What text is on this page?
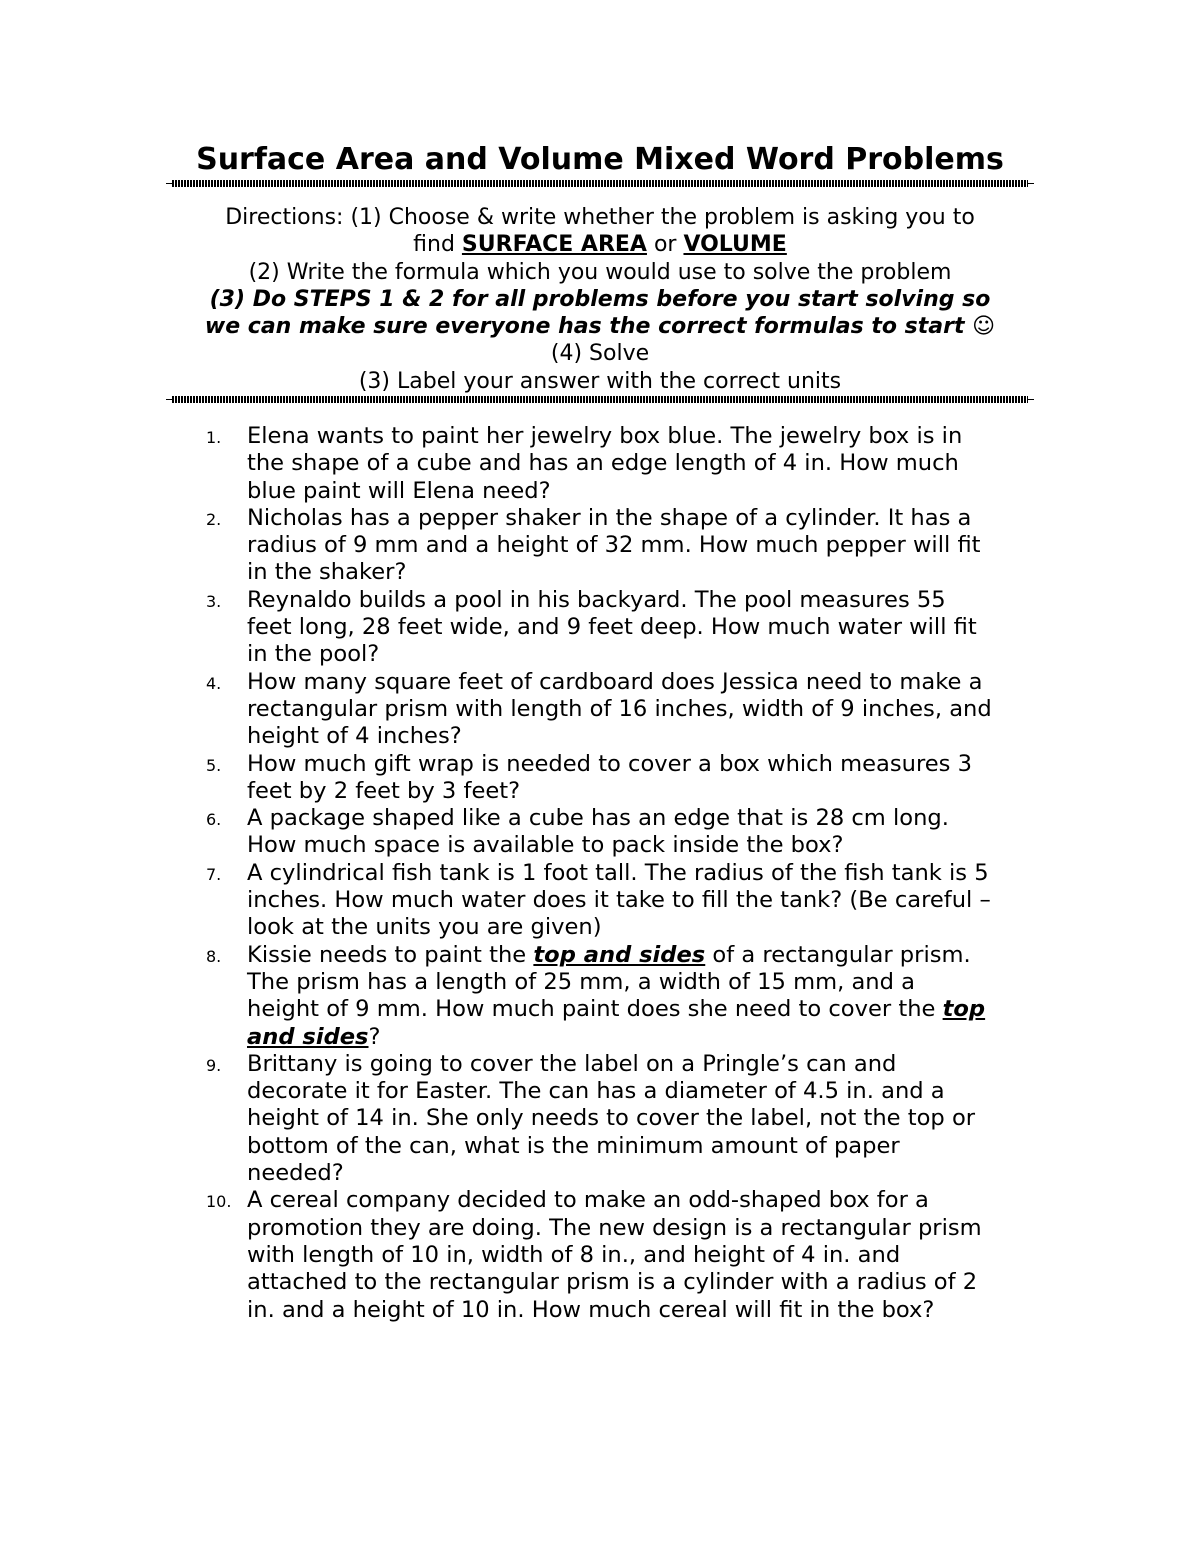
Surface Area and Volume Mixed Word Problems
Directions: (1) Choose & write whether the problem is asking you to
find SURFACE AREA or VOLUME
(2) Write the formula which you would use to solve the problem
(3) Do STEPS 1 & 2 for all problems before you start solving so
we can make sure everyone has the correct formulas to start ☺
(4) Solve
(3) Label your answer with the correct units
1. Elena wants to paint her jewelry box blue. The jewelry box is in
the shape of a cube and has an edge length of 4 in. How much
blue paint will Elena need?
2. Nicholas has a pepper shaker in the shape of a cylinder. It has a
radius of 9 mm and a height of 32 mm. How much pepper will fit
in the shaker?
3. Reynaldo builds a pool in his backyard. The pool measures 55
feet long, 28 feet wide, and 9 feet deep. How much water will fit
in the pool?
4. How many square feet of cardboard does Jessica need to make a
rectangular prism with length of 16 inches, width of 9 inches, and
height of 4 inches?
5. How much gift wrap is needed to cover a box which measures 3
feet by 2 feet by 3 feet?
6. A package shaped like a cube has an edge that is 28 cm long.
How much space is available to pack inside the box?
7. A cylindrical fish tank is 1 foot tall. The radius of the fish tank is 5
inches. How much water does it take to fill the tank? (Be careful –
look at the units you are given)
8. Kissie needs to paint the top and sides of a rectangular prism.
The prism has a length of 25 mm, a width of 15 mm, and a
height of 9 mm. How much paint does she need to cover the top
and sides?
9. Brittany is going to cover the label on a Pringle’s can and
decorate it for Easter. The can has a diameter of 4.5 in. and a
height of 14 in. She only needs to cover the label, not the top or
bottom of the can, what is the minimum amount of paper
needed?
10. A cereal company decided to make an odd-shaped box for a
promotion they are doing. The new design is a rectangular prism
with length of 10 in, width of 8 in., and height of 4 in. and
attached to the rectangular prism is a cylinder with a radius of 2
in. and a height of 10 in. How much cereal will fit in the box?
